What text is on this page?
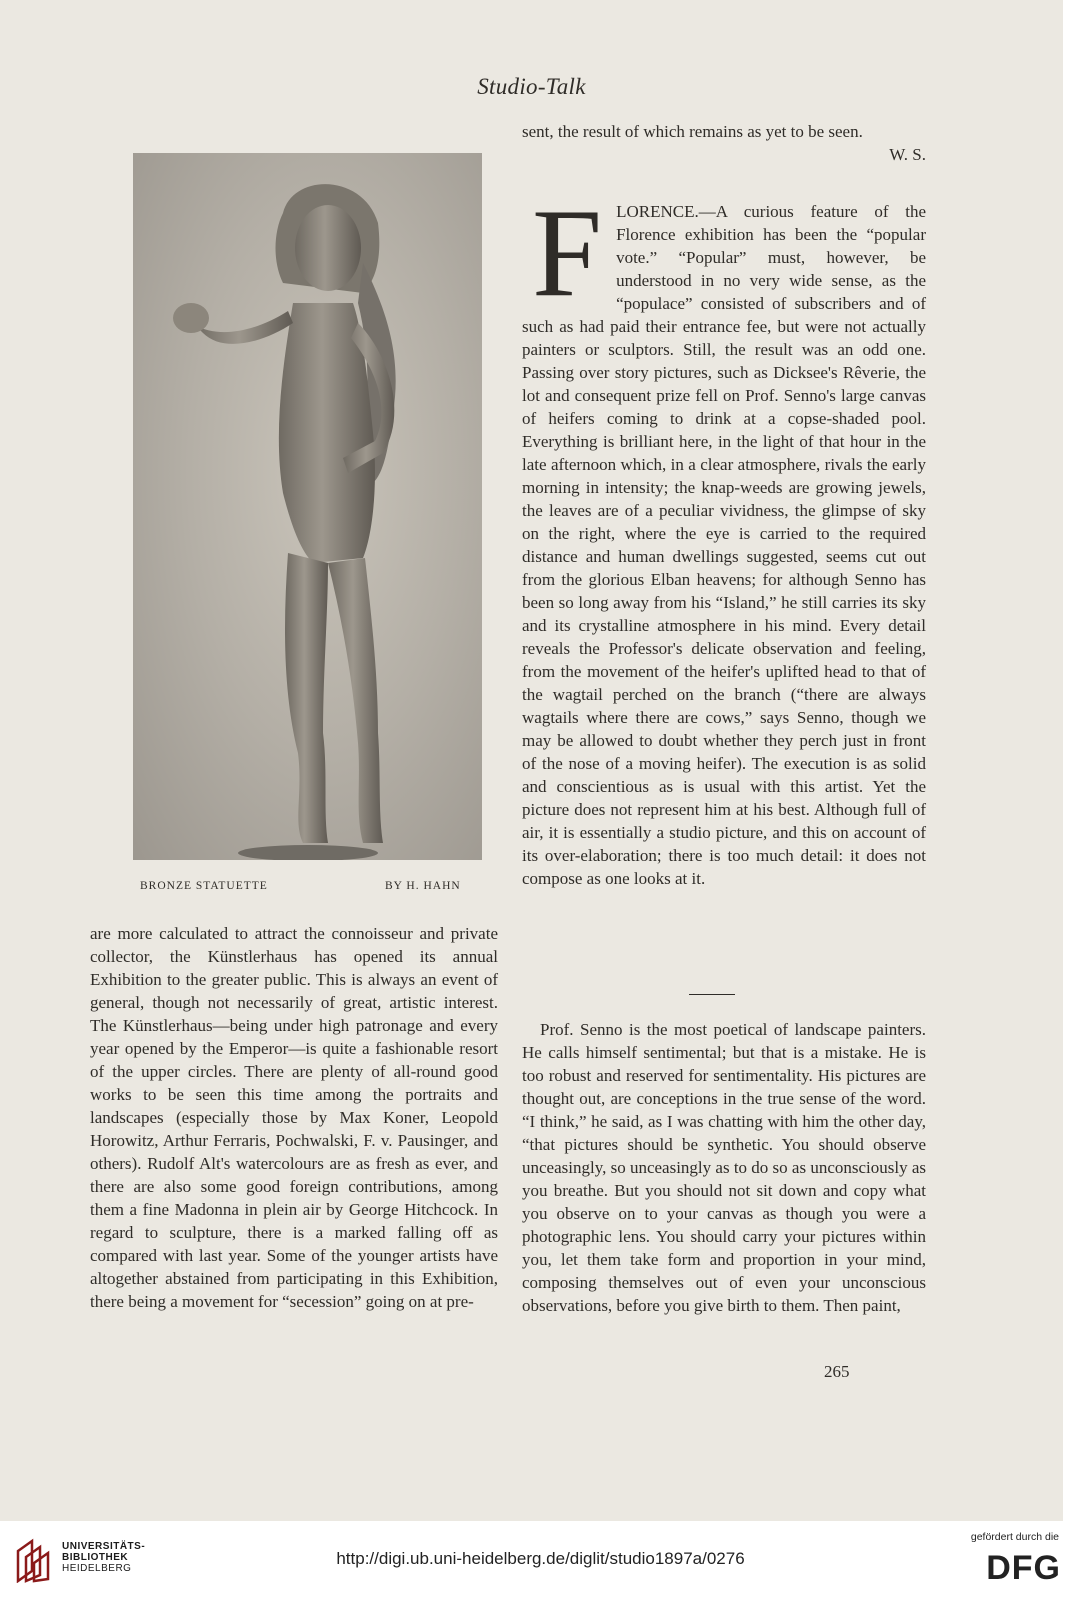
Studio-Talk
BRONZE STATUETTE	BY H. HAHN

are more calculated to attract the connoisseur and private collector, the Künstlerhaus has opened its annual Exhibition to the greater public. This is always an event of general, though not necessarily of great, artistic interest. The Künstlerhaus—being under high patronage and every year opened by the Emperor—is quite a fashionable resort of the upper circles. There are plenty of all-round good works to be seen this time among the portraits and landscapes (especially those by Max Koner, Leopold Horowitz, Arthur Ferraris, Pochwalski, F. v. Pausinger, and others). Rudolf Alt's watercolours are as fresh as ever, and there are also some good foreign contributions, among them a fine Madonna in plein air by George Hitchcock. In regard to sculpture, there is a marked falling off as compared with last year. Some of the younger artists have altogether abstained from participating in this Exhibition, there being a movement for “secession” going on at pre-

sent, the result of which remains as yet to be seen.

W. S.
F LORENCE.—A curious feature of the Florence exhibition has been the “popular vote.” “Popular” must, however, be understood in no very wide sense, as the “populace” consisted of subscribers and of such as had paid their entrance fee, but were not actually painters or sculptors. Still, the result was an odd one. Passing over story pictures, such as Dicksee's Rêverie, the lot and consequent prize fell on Prof. Senno's large canvas of heifers coming to drink at a copse-shaded pool. Everything is brilliant here, in the light of that hour in the late afternoon which, in a clear atmosphere, rivals the early morning in intensity; the knap-weeds are growing jewels, the leaves are of a peculiar vividness, the glimpse of sky on the right, where the eye is carried to the required distance and human dwellings suggested, seems cut out from the glorious Elban heavens; for although Senno has been so long away from his “Island,” he still carries its sky and its crystalline atmosphere in his mind. Every detail reveals the Professor's delicate observation and feeling, from the movement of the heifer's uplifted head to that of the wagtail perched on the branch (“there are always wagtails where there are cows,” says Senno, though we may be allowed to doubt whether they perch just in front of the nose of a moving heifer). The execution is as solid and conscientious as is usual with this artist. Yet the picture does not represent him at his best. Although full of air, it is essentially a studio picture, and this on account of its over-elaboration; there is too much detail: it does not compose as one looks at it.

Prof. Senno is the most poetical of landscape painters. He calls himself sentimental; but that is a mistake. He is too robust and reserved for sentimentality. His pictures are thought out, are conceptions in the true sense of the word. “I think,” he said, as I was chatting with him the other day, “that pictures should be synthetic. You should observe unceasingly, so unceasingly as to do so as unconsciously as you breathe. But you should not sit down and copy what you observe on to your canvas as though you were a photographic lens. You should carry your pictures within you, let them take form and proportion in your mind, composing themselves out of even your unconscious observations, before you give birth to them. Then paint,

265
UNIVERSITÄTS-
BIBLIOTHEK
HEIDELBERG
http://digi.ub.uni-heidelberg.de/diglit/studio1897a/0276
gefördert durch die
DFG
